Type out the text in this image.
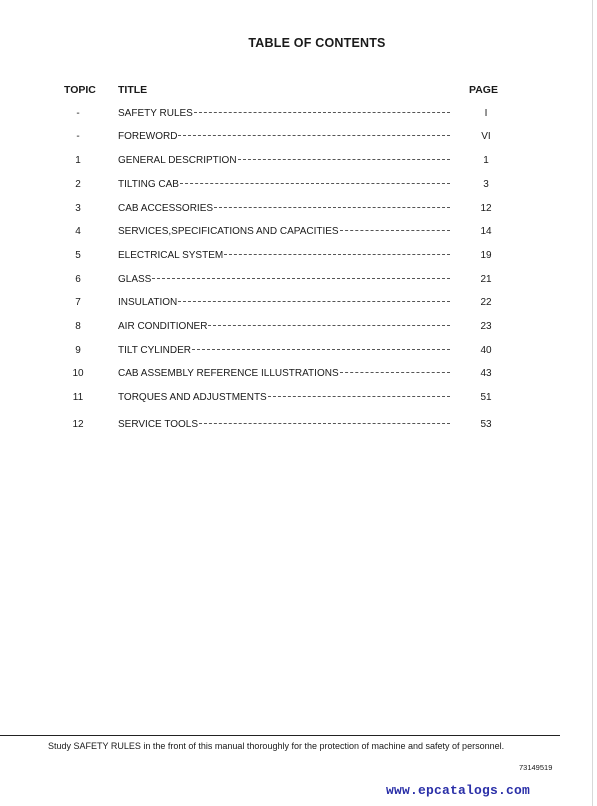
TABLE OF CONTENTS
TOPIC TITLE	PAGE
-	SAFETY RULES	I
-	FOREWORD	VI
1	GENERAL DESCRIPTION	1
2	TILTING CAB	3
3	CAB ACCESSORIES	12
4	SERVICES,SPECIFICATIONS AND CAPACITIES	14
5	ELECTRICAL SYSTEM	19
6	GLASS	21
7	INSULATION	22
8	AIR CONDITIONER	23
9	TILT CYLINDER	40
10	CAB ASSEMBLY REFERENCE ILLUSTRATIONS	43
11	TORQUES AND ADJUSTMENTS	51
12	SERVICE TOOLS	53
Study SAFETY RULES in the front of this manual thoroughly for the protection of machine and safety of personnel.
73149519
www.epcatalogs.com
